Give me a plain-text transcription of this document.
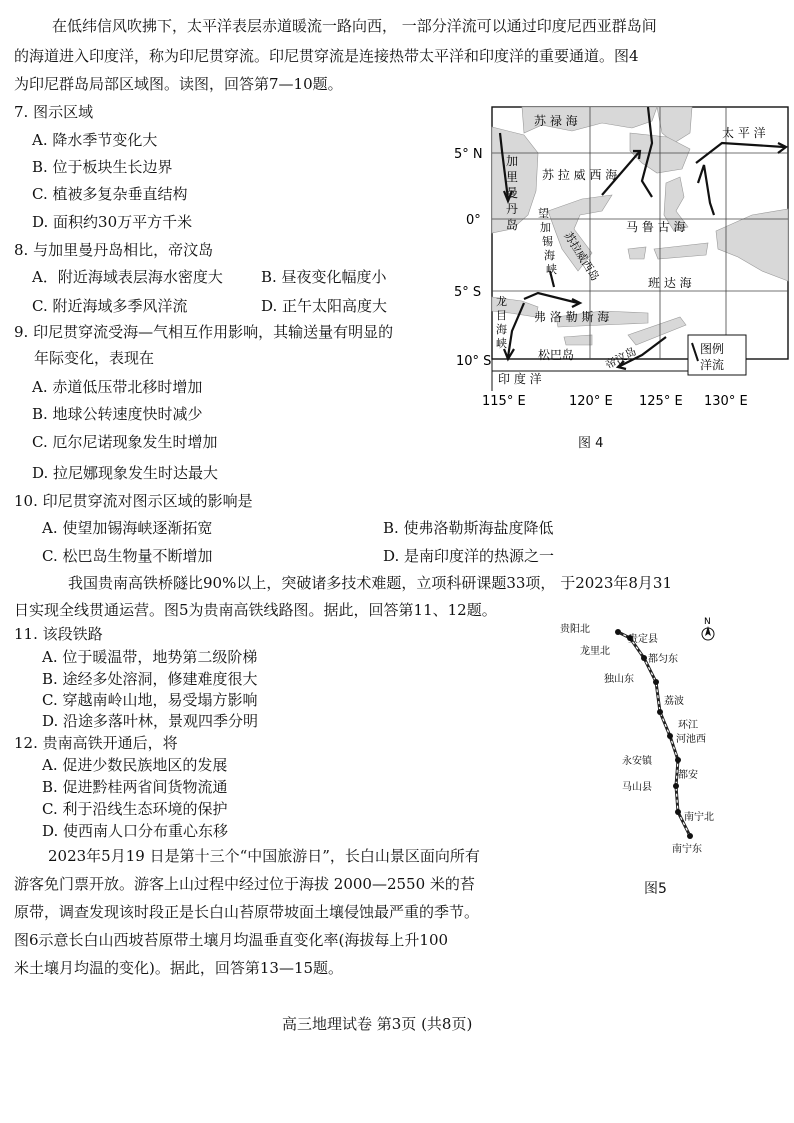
在低纬信风吹拂下，太平洋表层赤道暖流一路向西， 一部分洋流可以通过印度尼西亚群岛间
的海道进入印度洋，称为印尼贯穿流。印尼贯穿流是连接热带太平洋和印度洋的重要通道。图4
为印尼群岛局部区域图。读图，回答第7—10题。
7. 图示区域
A. 降水季节变化大
B. 位于板块生长边界
C. 植被多复杂垂直结构
D. 面积约30万平方千米
8. 与加里曼丹岛相比，帝汶岛
A．附近海域表层海水密度大	B. 昼夜变化幅度小
C. 附近海域多季风洋流	D. 正午太阳高度大
9. 印尼贯穿流受海—气相互作用影响，其输送量有明显的
年际变化，表现在
A. 赤道低压带北移时增加
B. 地球公转速度快时减少
C. 厄尔尼诺现象发生时增加
D. 拉尼娜现象发生时达最大
10. 印尼贯穿流对图示区域的影响是
A. 使望加锡海峡逐渐拓宽	B. 使弗洛勒斯海盐度降低
C. 松巴岛生物量不断增加	D. 是南印度洋的热源之一
我国贵南高铁桥隧比90%以上，突破诸多技术难题，立项科研课题33项， 于2023年8月31
日实现全线贯通运营。图5为贵南高铁线路图。据此，回答第11、12题。
11. 该段铁路
A. 位于暖温带，地势第二级阶梯
B. 途经多处溶洞，修建难度很大
C. 穿越南岭山地，易受塌方影响
D. 沿途多落叶林，景观四季分明
12. 贵南高铁开通后，将
A. 促进少数民族地区的发展
B. 促进黔桂两省间货物流通
C. 利于沿线生态环境的保护
D. 使西南人口分布重心东移
2023年5月19 日是第十三个“中国旅游日”，长白山景区面向所有
游客免门票开放。游客上山过程中经过位于海拔 2000—2550 米的苔
原带，调查发现该时段正是长白山苔原带坡面土壤侵蚀最严重的季节。
图6示意长白山西坡苔原带土壤月均温垂直变化率(海拔每上升100
米土壤月均温的变化)。据此，回答第13—15题。
5° N
0°
5° S
10° S
115° E	120° E 125° E 130° E
苏 禄 海
太 平 洋
加
里
曼
丹
岛
苏 拉 威 西 海
望
加
锡
海
峡 苏拉威西岛
马 鲁 古 海
班 达 海
龙
目
海
峡
弗 洛 勒 斯 海
松巴岛	帝汶岛
印 度 洋
图例
洋流
图 4
N
贵阳北
贵定县
龙里北
都匀东
独山东
荔波
环江
河池西
永安镇
都安
马山县
南宁北
南宁东
图5
高三地理试卷 第3页 (共8页)
